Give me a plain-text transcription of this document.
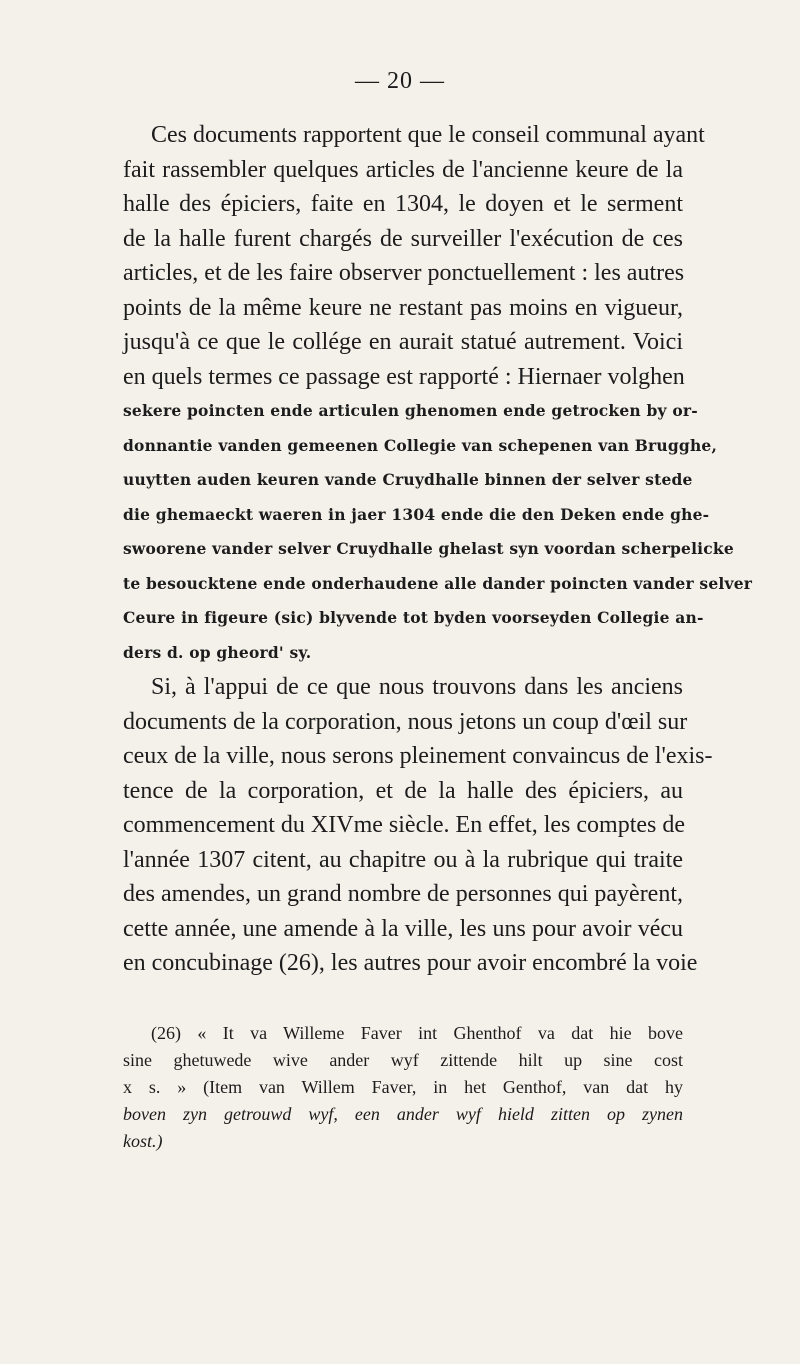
— 20 —
Ces documents rapportent que le conseil communal ayant
fait rassembler quelques articles de l'ancienne keure de la
halle des épiciers, faite en 1304, le doyen et le serment
de la halle furent chargés de surveiller l'exécution de ces
articles, et de les faire observer ponctuellement : les autres
points de la même keure ne restant pas moins en vigueur,
jusqu'à ce que le collége en aurait statué autrement. Voici
en quels termes ce passage est rapporté : Hiernaer volghen
sekere poincten ende articulen ghenomen ende getrocken by or-
donnantie vanden gemeenen Collegie van schepenen van Brugghe,
uuytten auden keuren vande Cruydhalle binnen der selver stede
die ghemaeckt waeren in jaer 1304 ende die den Deken ende ghe-
swoorene vander selver Cruydhalle ghelast syn voordan scherpelicke
te besoucktene ende onderhaudene alle dander poincten vander selver
Ceure in figeure (sic) blyvende tot byden voorseyden Collegie an-
ders d. op gheord' sy.
Si, à l'appui de ce que nous trouvons dans les anciens
documents de la corporation, nous jetons un coup d'œil sur
ceux de la ville, nous serons pleinement convaincus de l'exis-
tence de la corporation, et de la halle des épiciers, au
commencement du XIVme siècle. En effet, les comptes de
l'année 1307 citent, au chapitre ou à la rubrique qui traite
des amendes, un grand nombre de personnes qui payèrent,
cette année, une amende à la ville, les uns pour avoir vécu
en concubinage (26), les autres pour avoir encombré la voie
(26) « It va Willeme Faver int Ghenthof va dat hie bove
sine ghetuwede wive ander wyf zittende hilt up sine cost
x s. » (Item van Willem Faver, in het Genthof, van dat hy
boven zyn getrouwd wyf, een ander wyf hield zitten op zynen
kost.)
